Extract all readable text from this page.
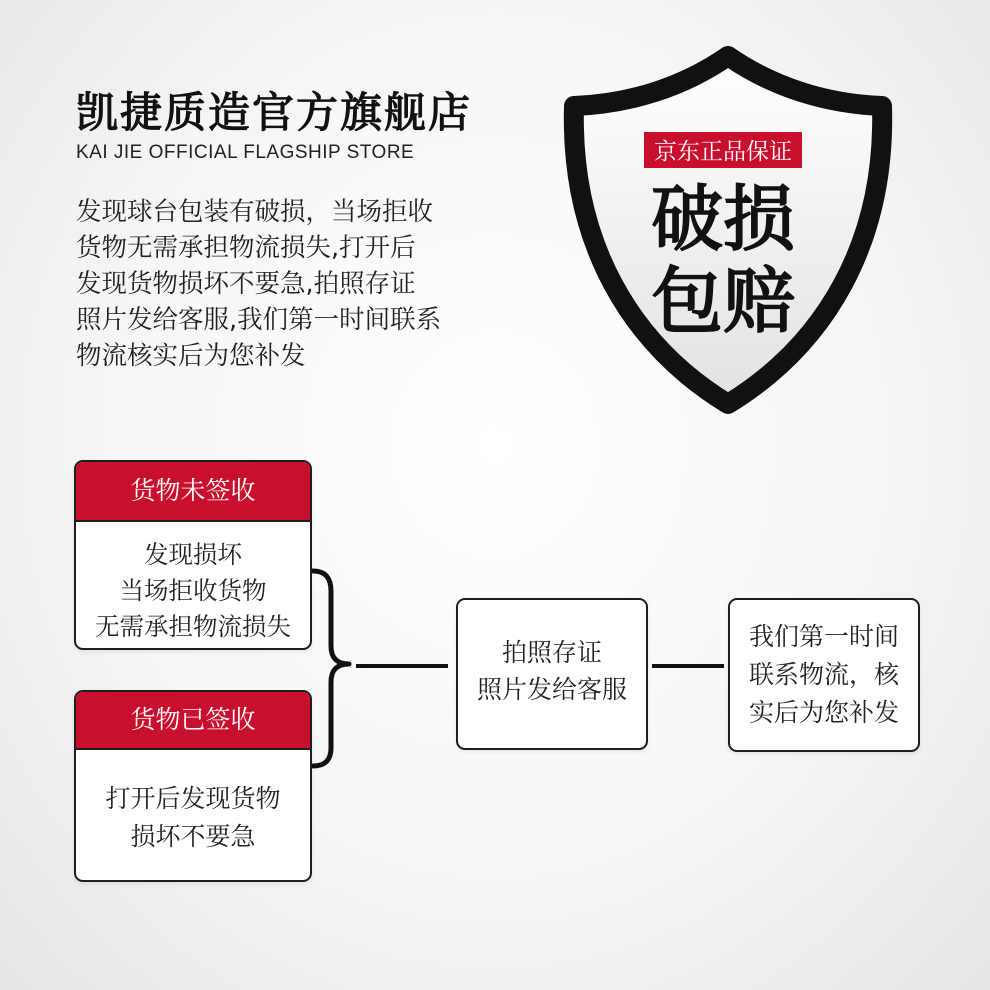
凯捷质造官方旗舰店
KAI JIE OFFICIAL FLAGSHIP STORE
发现球台包装有破损，当场拒收
货物无需承担物流损失,打开后
发现货物损坏不要急,拍照存证
照片发给客服,我们第一时间联系
物流核实后为您补发
京东正品保证
破损
包赔
货物未签收
发现损坏
当场拒收货物
无需承担物流损失
货物已签收
打开后发现货物
损坏不要急
拍照存证
照片发给客服
我们第一时间
联系物流，核
实后为您补发
